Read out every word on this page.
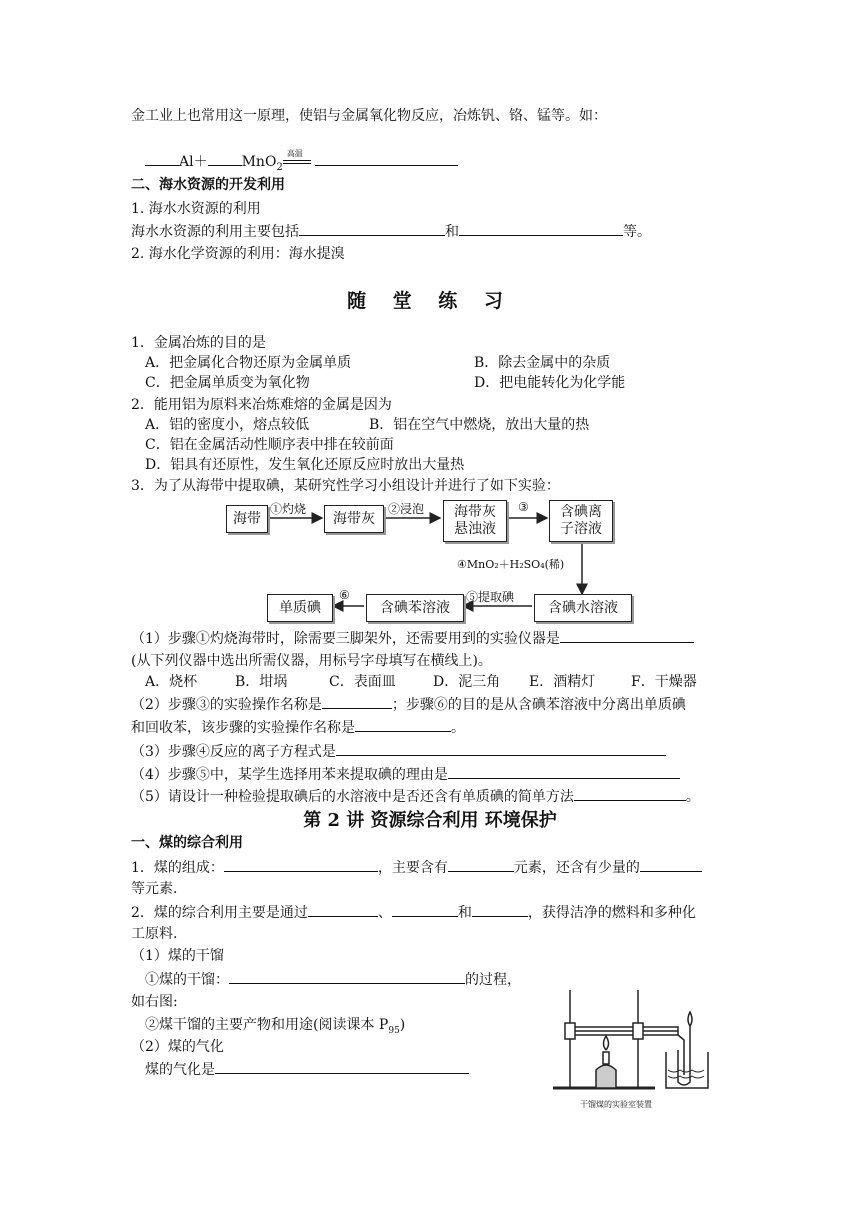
金工业上也常用这一原理，使铝与金属氧化物反应，冶炼钒、铬、锰等。如：
Al＋ MnO$_2$
高温
二、海水资源的开发利用
1. 海水水资源的利用
海水水资源的利用主要包括	和	等。
2. 海水化学资源的利用：海水提溴
随 堂 练 习
1．金属冶炼的目的是
A．把金属化合物还原为金属单质	B．除去金属中的杂质
C．把金属单质变为氧化物	D．把电能转化为化学能
2．能用铝为原料来冶炼难熔的金属是因为
A．铝的密度小，熔点较低	B．铝在空气中燃烧，放出大量的热
C．铝在金属活动性顺序表中排在较前面
D．铝具有还原性，发生氧化还原反应时放出大量热
3．为了从海带中提取碘，某研究性学习小组设计并进行了如下实验：
海带	海带灰	海带灰
悬浊液
含碘离
子溶液
含碘水溶液
含碘苯溶液
单质碘
①灼烧	②浸泡	③
④MnO₂＋H₂SO₄(稀)
⑤提取碘
⑥
（1）步骤①灼烧海带时，除需要三脚架外，还需要用到的实验仪器是
(从下列仪器中选出所需仪器，用标号字母填写在横线上)。
A．烧杯	B．坩埚	C．表面皿	D．泥三角 E．酒精灯	F．干燥器
（2）步骤③的实验操作名称是	；步骤⑥的目的是从含碘苯溶液中分离出单质碘
和回收苯，该步骤的实验操作名称是	。
（3）步骤④反应的离子方程式是
（4）步骤⑤中，某学生选择用苯来提取碘的理由是
（5）请设计一种检验提取碘后的水溶液中是否还含有单质碘的简单方法	。
第 2 讲 资源综合利用 环境保护
一、煤的综合利用
1．煤的组成：	，主要含有	元素，还含有少量的
等元素.
2．煤的综合利用主要是通过	、	和	，获得洁净的燃料和多种化
工原料.
（1）煤的干馏
①煤的干馏：	的过程，
如右图:
②煤干馏的主要产物和用途(阅读课本 $P_{95}$)
（2）煤的气化
煤的气化是
干馏煤的实验室装置
